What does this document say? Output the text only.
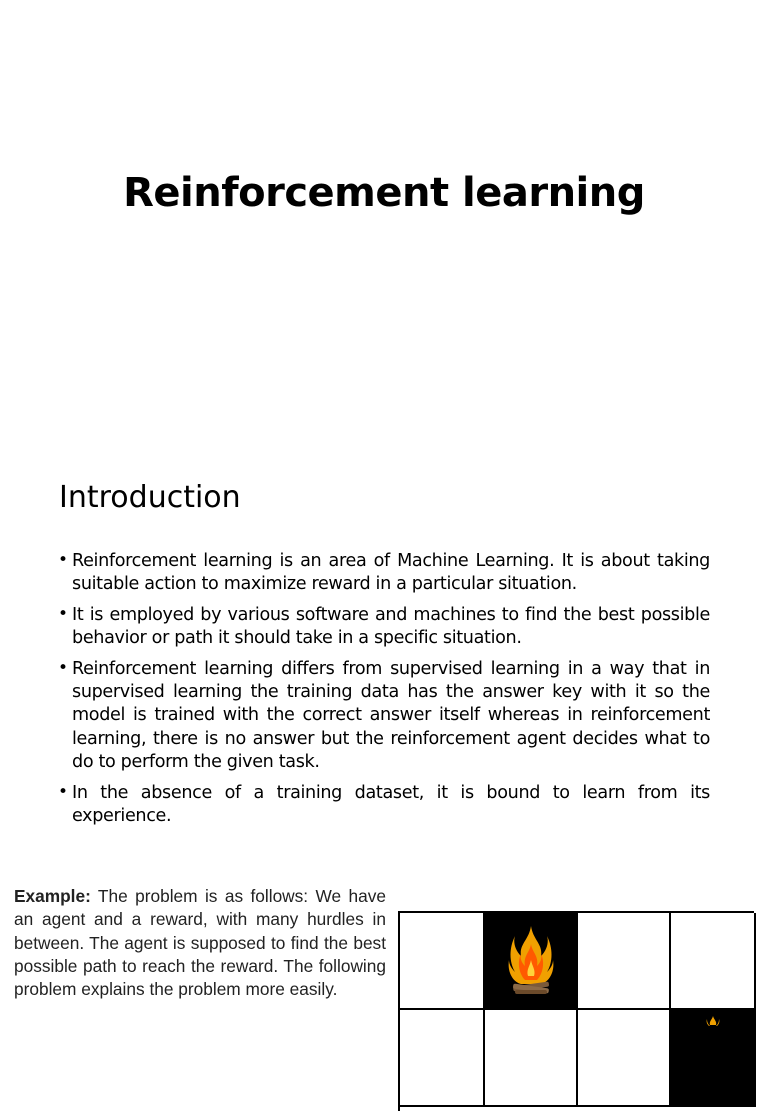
Reinforcement learning
Introduction
• Reinforcement learning is an area of Machine Learning. It is about taking suitable action to maximize reward in a particular situation.
• It is employed by various software and machines to find the best possible behavior or path it should take in a specific situation.
• Reinforcement learning differs from supervised learning in a way that in supervised learning the training data has the answer key with it so the model is trained with the correct answer itself whereas in reinforcement learning, there is no answer but the reinforcement agent decides what to do to perform the given task.
• In the absence of a training dataset, it is bound to learn from its experience.
Example: The problem is as follows: We have an agent and a reward, with many hurdles in between. The agent is supposed to find the best possible path to reach the reward. The following problem explains the problem more easily.
